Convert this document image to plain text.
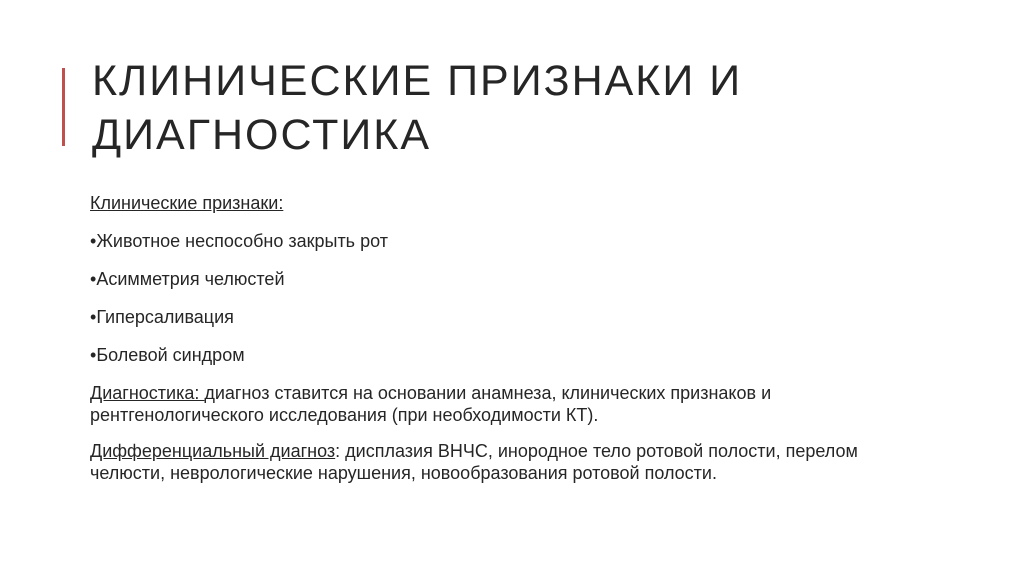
КЛИНИЧЕСКИЕ ПРИЗНАКИ И ДИАГНОСТИКА

Клинические признаки:

•Животное неспособно закрыть рот

•Асимметрия челюстей

•Гиперсаливация

•Болевой синдром

Диагностика: диагноз ставится на основании анамнеза, клинических признаков и рентгенологического исследования (при необходимости КТ).

Дифференциальный диагноз: дисплазия ВНЧС, инородное тело ротовой полости, перелом челюсти, неврологические нарушения, новообразования ротовой полости.
